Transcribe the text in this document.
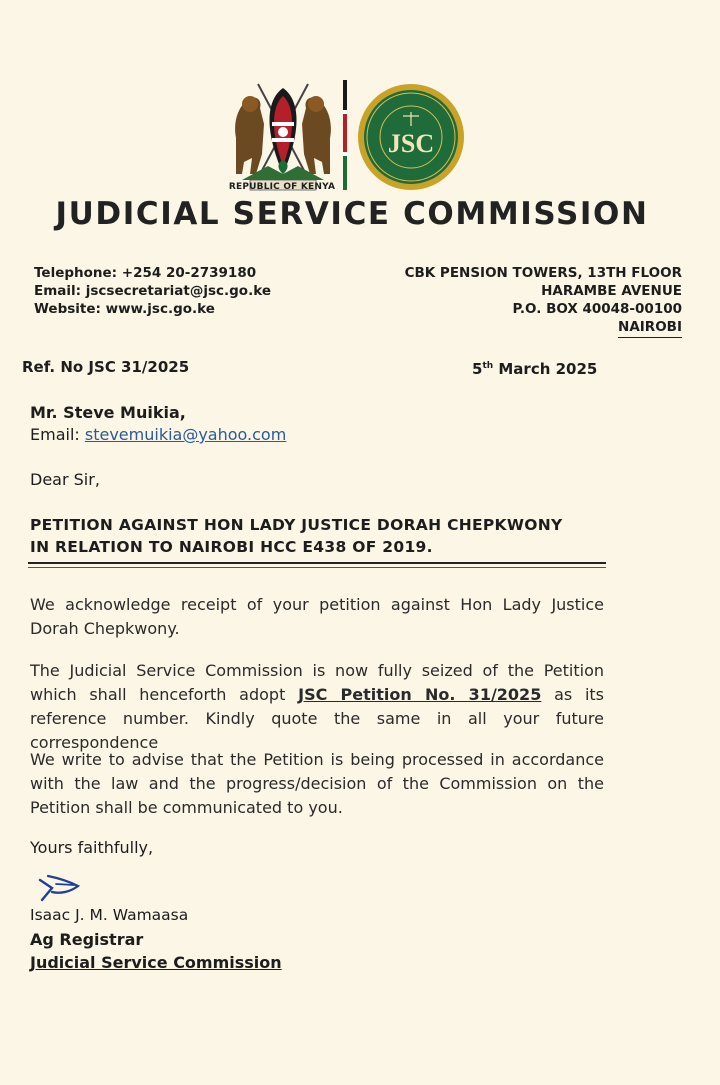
REPUBLIC OF KENYA
JSC
JUDICIAL SERVICE COMMISSION
Telephone: +254 20-2739180
Email: jscsecretariat@jsc.go.ke
Website: www.jsc.go.ke
CBK PENSION TOWERS, 13TH FLOOR
HARAMBE AVENUE
P.O. BOX 40048-00100
NAIROBI
Ref. No JSC 31/2025	5th March 2025
Mr. Steve Muikia,
Email: stevemuikia@yahoo.com
Dear Sir,
PETITION AGAINST HON LADY JUSTICE DORAH CHEPKWONY
IN RELATION TO NAIROBI HCC E438 OF 2019.
We acknowledge receipt of your petition against Hon Lady Justice Dorah Chepkwony.
The Judicial Service Commission is now fully seized of the Petition which shall henceforth adopt JSC Petition No. 31/2025 as its reference number. Kindly quote the same in all your future correspondence
We write to advise that the Petition is being processed in accordance with the law and the progress/decision of the Commission on the Petition shall be communicated to you.
Yours faithfully,
Isaac J. M. Wamaasa
Ag Registrar
Judicial Service Commission
